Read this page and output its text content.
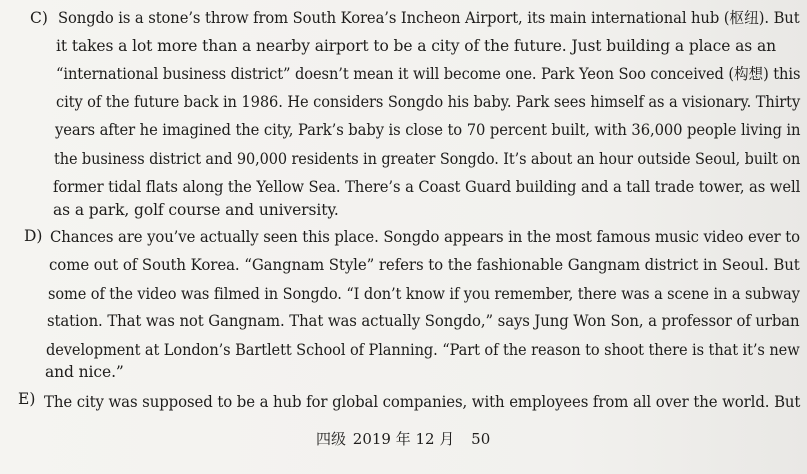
C) Songdo is a stone’s throw from South Korea’s Incheon Airport, its main international hub (枢纽). But
it takes a lot more than a nearby airport to be a city of the future. Just building a place as an
“international business district” doesn’t mean it will become one. Park Yeon Soo conceived (构想) this
city of the future back in 1986. He considers Songdo his baby. Park sees himself as a visionary. Thirty
years after he imagined the city, Park’s baby is close to 70 percent built, with 36,000 people living in
the business district and 90,000 residents in greater Songdo. It’s about an hour outside Seoul, built on
former tidal flats along the Yellow Sea. There’s a Coast Guard building and a tall trade tower, as well
as a park, golf course and university.
D) Chances are you’ve actually seen this place. Songdo appears in the most famous music video ever to
come out of South Korea. “Gangnam Style” refers to the fashionable Gangnam district in Seoul. But
some of the video was filmed in Songdo. “I don’t know if you remember, there was a scene in a subway
station. That was not Gangnam. That was actually Songdo,” says Jung Won Son, a professor of urban
development at London’s Bartlett School of Planning. “Part of the reason to shoot there is that it’s new
and nice.”
E) The city was supposed to be a hub for global companies, with employees from all over the world. But
四级 2019 年 12 月 50
